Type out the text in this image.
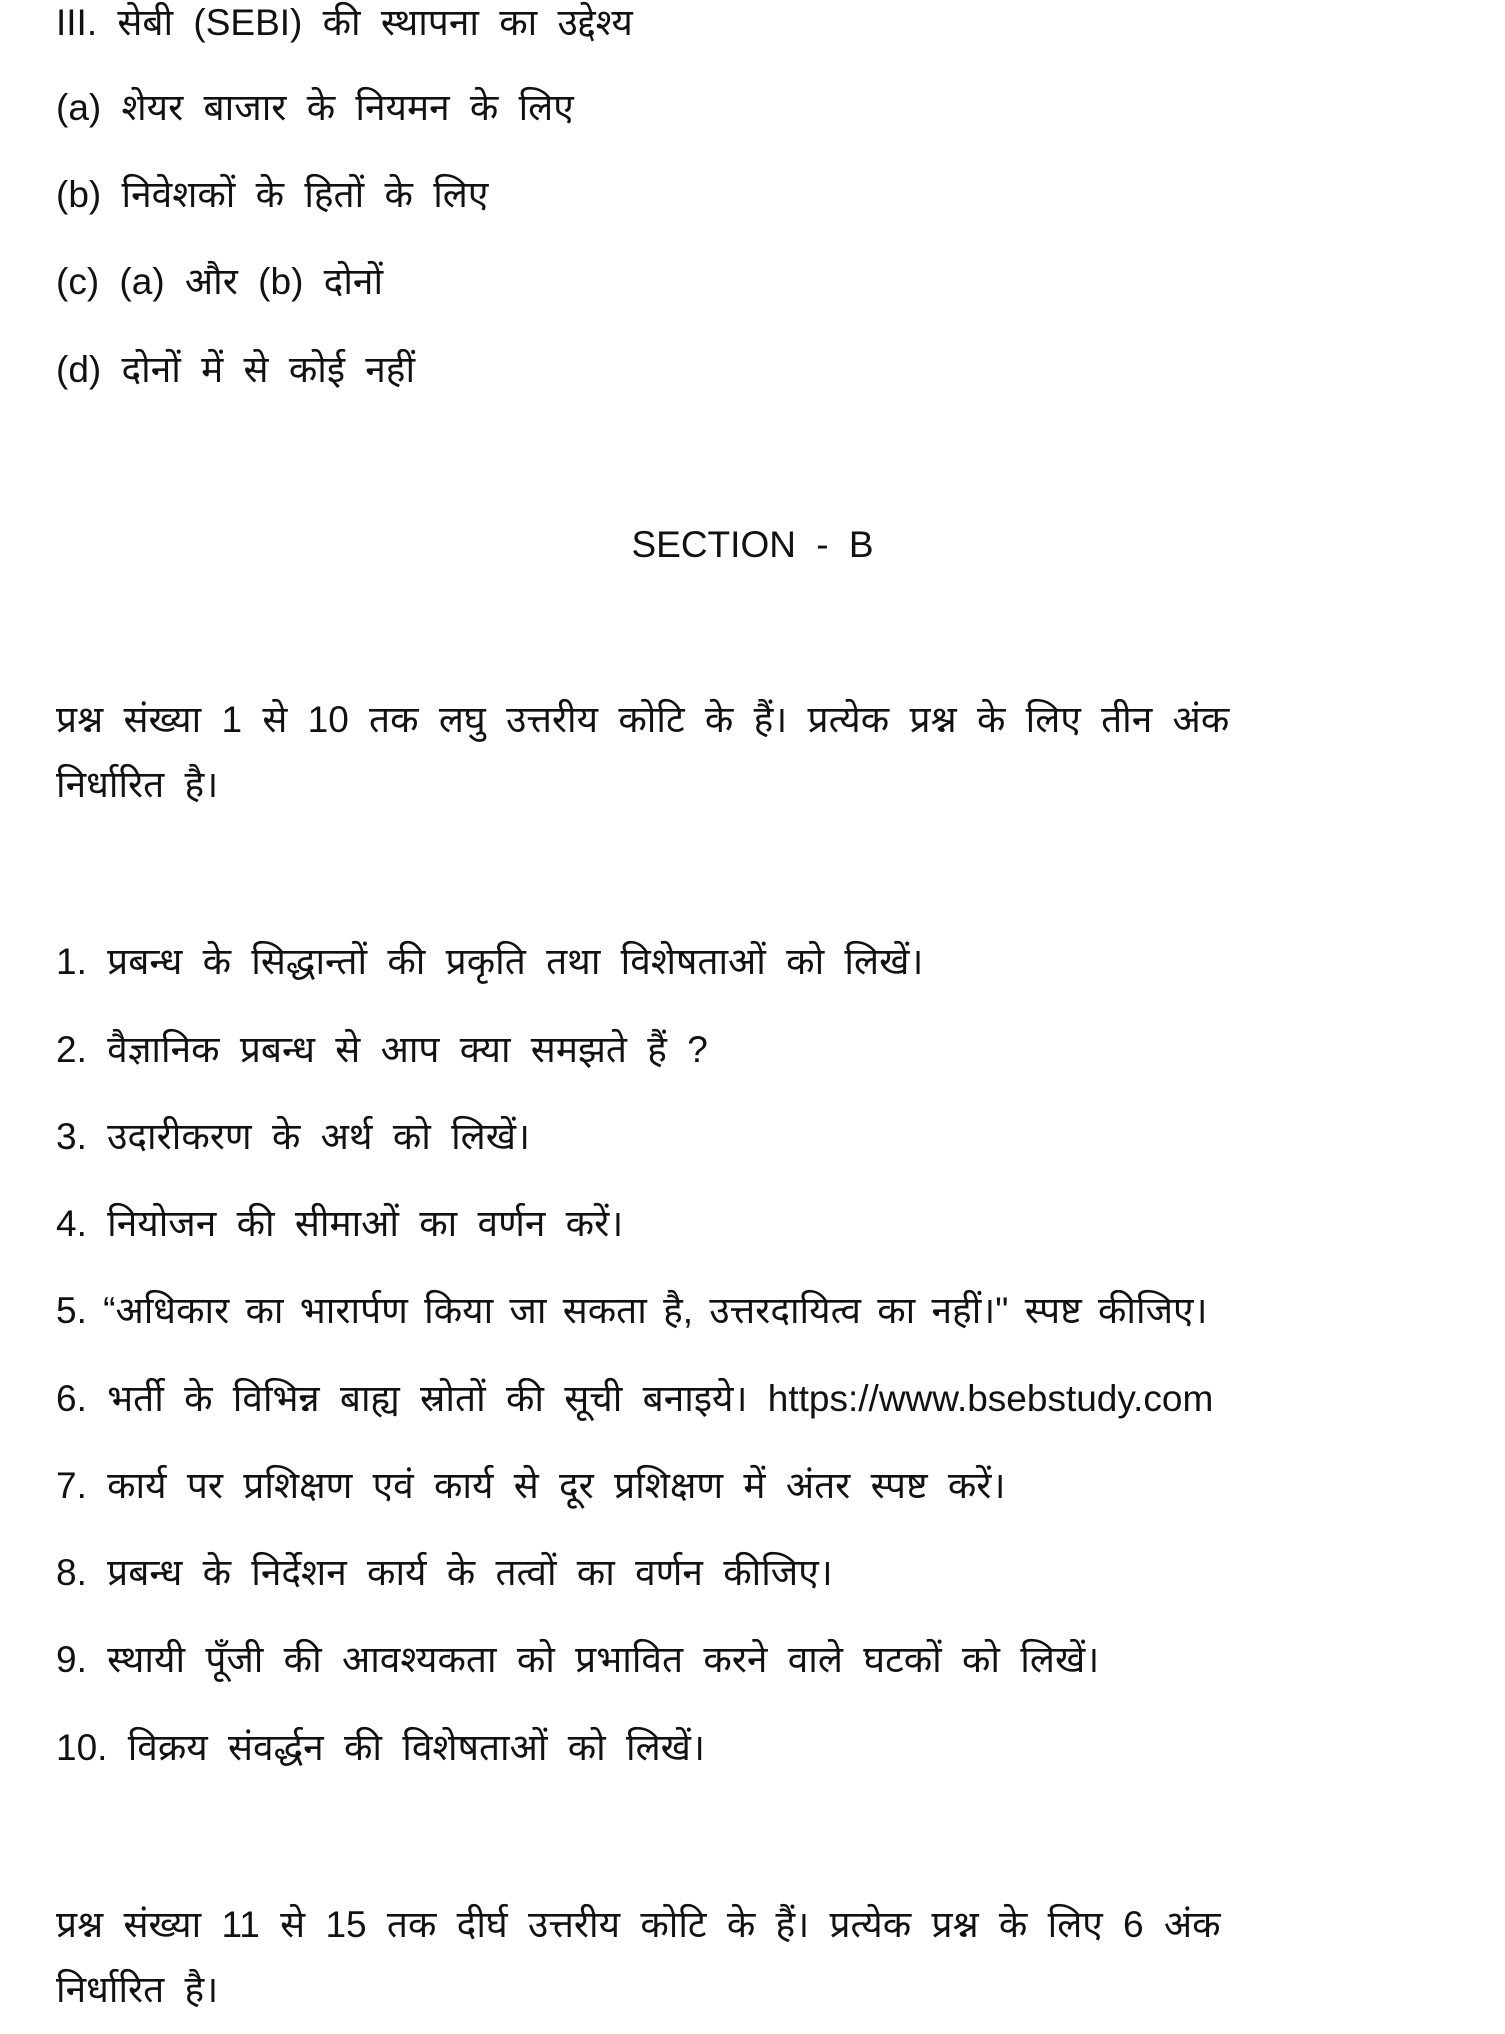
III. सेबी (SEBI) की स्थापना का उद्देश्य
(a) शेयर बाजार के नियमन के लिए
(b) निवेशकों के हितों के लिए
(c) (a) और (b) दोनों
(d) दोनों में से कोई नहीं
SECTION - B
प्रश्न संख्या 1 से 10 तक लघु उत्तरीय कोटि के हैं। प्रत्येक प्रश्न के लिए तीन अंक
निर्धारित है।
1. प्रबन्ध के सिद्धान्तों की प्रकृति तथा विशेषताओं को लिखें।
2. वैज्ञानिक प्रबन्ध से आप क्या समझते हैं ?
3. उदारीकरण के अर्थ को लिखें।
4. नियोजन की सीमाओं का वर्णन करें।
5. “अधिकार का भारार्पण किया जा सकता है, उत्तरदायित्व का नहीं।" स्पष्ट कीजिए।
6. भर्ती के विभिन्न बाह्य स्रोतों की सूची बनाइये। https://www.bsebstudy.com
7. कार्य पर प्रशिक्षण एवं कार्य से दूर प्रशिक्षण में अंतर स्पष्ट करें।
8. प्रबन्ध के निर्देशन कार्य के तत्वों का वर्णन कीजिए।
9. स्थायी पूँजी की आवश्यकता को प्रभावित करने वाले घटकों को लिखें।
10. विक्रय संवर्द्धन की विशेषताओं को लिखें।
प्रश्न संख्या 11 से 15 तक दीर्घ उत्तरीय कोटि के हैं। प्रत्येक प्रश्न के लिए 6 अंक
निर्धारित है।
